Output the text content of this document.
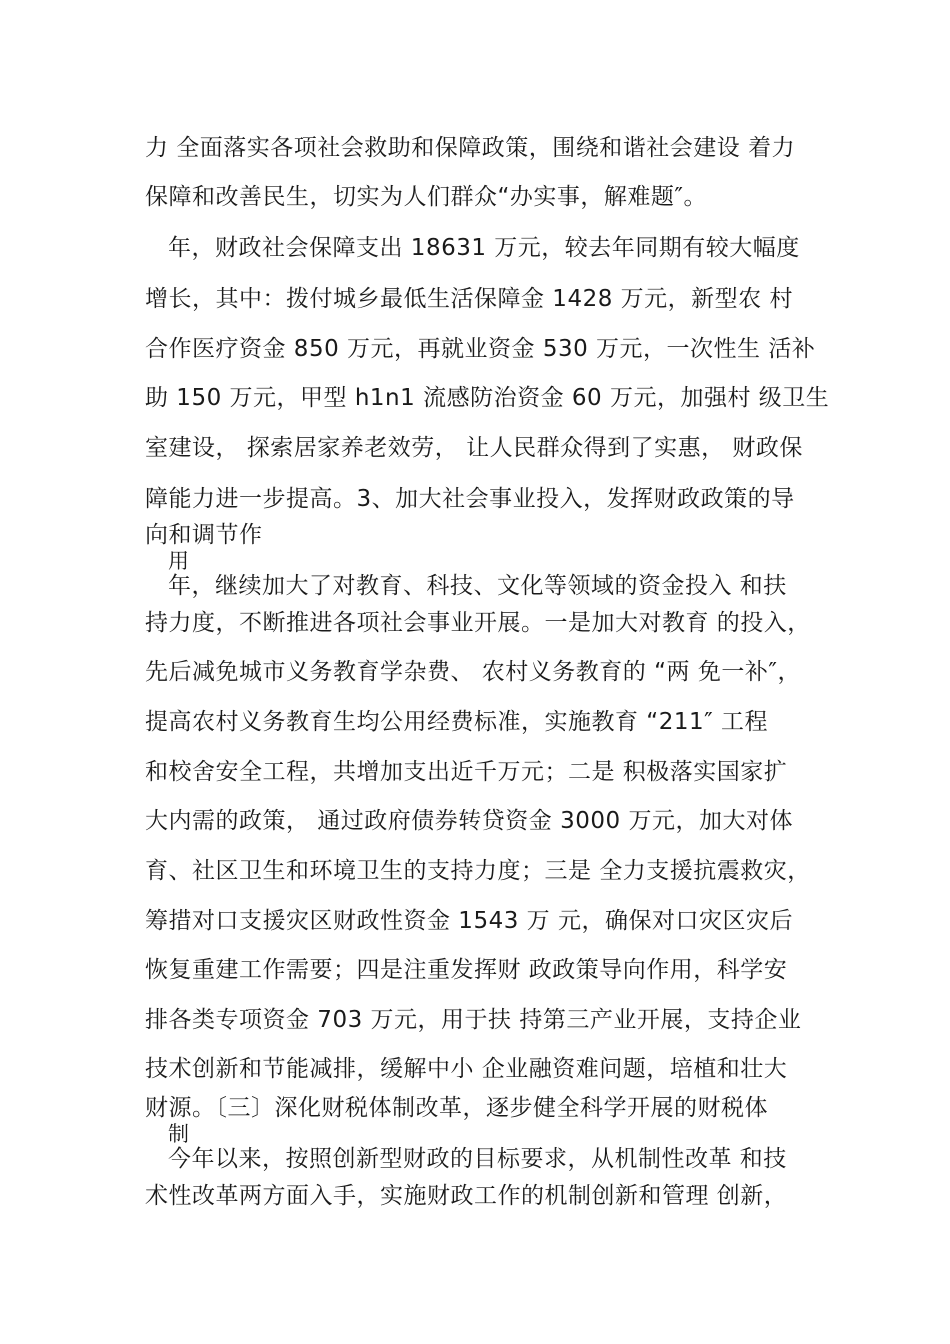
力 全面落实各项社会救助和保障政策，围绕和谐社会建设 着力
保障和改善民生，切实为人们群众“办实事，解难题″。
年，财政社会保障支出 18631 万元，较去年同期有较大幅度
增长，其中：拨付城乡最低生活保障金 1428 万元，新型农 村
合作医疗资金 850 万元，再就业资金 530 万元，一次性生 活补
助 150 万元，甲型 h1n1 流感防治资金 60 万元，加强村 级卫生
室建设， 探索居家养老效劳， 让人民群众得到了实惠， 财政保
障能力进一步提高。3、加大社会事业投入，发挥财政政策的导
向和调节作
用
年，继续加大了对教育、科技、文化等领域的资金投入 和扶
持力度，不断推进各项社会事业开展。一是加大对教育 的投入，
先后减免城市义务教育学杂费、 农村义务教育的 “两 免一补″，
提高农村义务教育生均公用经费标准，实施教育 “211″ 工程
和校舍安全工程，共增加支出近千万元；二是 积极落实国家扩
大内需的政策， 通过政府债券转贷资金 3000 万元，加大对体
育、社区卫生和环境卫生的支持力度；三是 全力支援抗震救灾，
筹措对口支援灾区财政性资金 1543 万 元，确保对口灾区灾后
恢复重建工作需要；四是注重发挥财 政政策导向作用，科学安
排各类专项资金 703 万元，用于扶 持第三产业开展，支持企业
技术创新和节能减排，缓解中小 企业融资难问题，培植和壮大
财源。〔三〕深化财税体制改革，逐步健全科学开展的财税体
制
今年以来，按照创新型财政的目标要求，从机制性改革 和技
术性改革两方面入手，实施财政工作的机制创新和管理 创新，
